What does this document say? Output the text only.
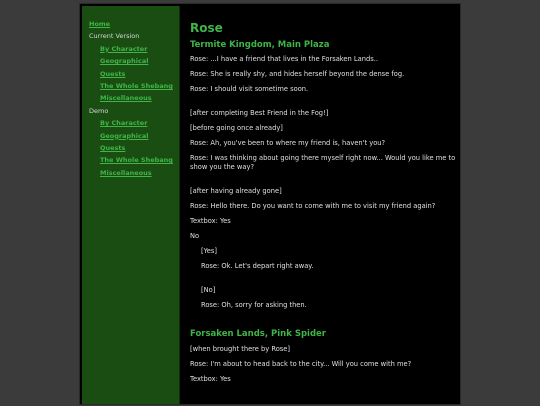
Home
Current Version
By Character
Geographical
Quests
The Whole Shebang
Miscellaneous
Demo
By Character
Geographical
Quests
The Whole Shebang
Miscellaneous
Rose
Termite Kingdom, Main Plaza

Rose: ...I have a friend that lives in the Forsaken Lands..

Rose: She is really shy, and hides herself beyond the dense fog.

Rose: I should visit sometime soon.

[after completing Best Friend in the Fog!]

[before going once already]

Rose: Ah, you've been to where my friend is, haven't you?

Rose: I was thinking about going there myself right now... Would you like me to show you the way?

[after having already gone]

Rose: Hello there. Do you want to come with me to visit my friend again?

Textbox: Yes

No

[Yes]

Rose: Ok. Let's depart right away.

[No]

Rose: Oh, sorry for asking then.

Forsaken Lands, Pink Spider

[when brought there by Rose]

Rose: I'm about to head back to the city... Will you come with me?

Textbox: Yes
